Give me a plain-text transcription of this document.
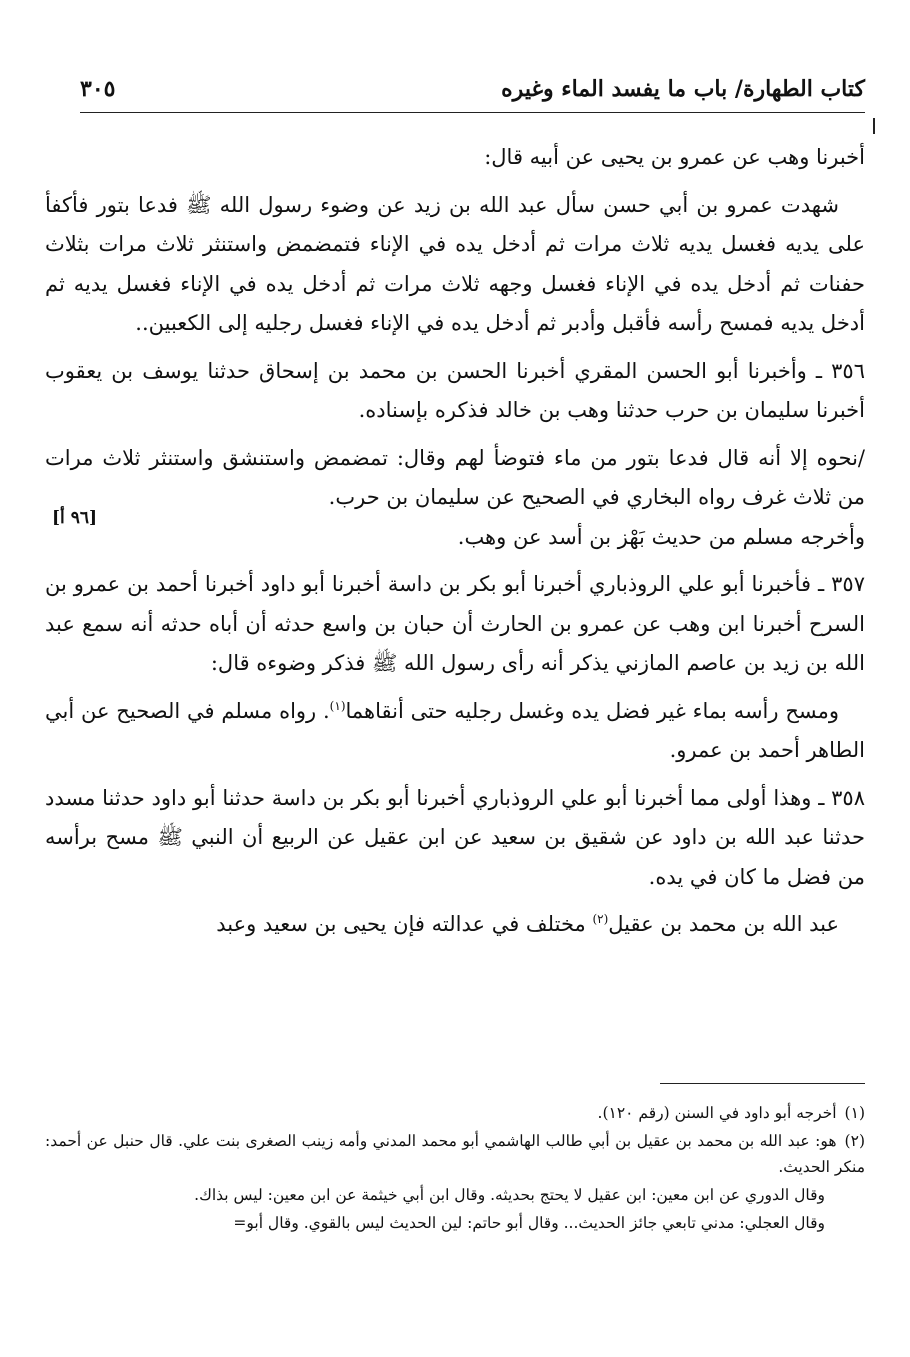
كتاب الطهارة/ باب ما يفسد الماء وغيره
٣٠٥
[٩٦ أ]

أخبرنا وهب عن عمرو بن يحيى عن أبيه قال:

شهدت عمرو بن أبي حسن سأل عبد الله بن زيد عن وضوء رسول الله ﷺ فدعا بتور فأكفأ على يديه فغسل يديه ثلاث مرات ثم أدخل يده في الإناء فتمضمض واستنثر ثلاث مرات بثلاث حفنات ثم أدخل يده في الإناء فغسل وجهه ثلاث مرات ثم أدخل يده في الإناء فغسل يديه ثم أدخل يديه فمسح رأسه فأقبل وأدبر ثم أدخل يده في الإناء فغسل رجليه إلى الكعبين..

٣٥٦ ـ وأخبرنا أبو الحسن المقري أخبرنا الحسن بن محمد بن إسحاق حدثنا يوسف بن يعقوب أخبرنا سليمان بن حرب حدثنا وهب بن خالد فذكره بإسناده.

/نحوه إلا أنه قال فدعا بتور من ماء فتوضأ لهم وقال: تمضمض واستنشق واستنثر ثلاث مرات من ثلاث غرف رواه البخاري في الصحيح عن سليمان بن حرب.

وأخرجه مسلم من حديث بَهْز بن أسد عن وهب.

٣٥٧ ـ فأخبرنا أبو علي الروذباري أخبرنا أبو بكر بن داسة أخبرنا أبو داود أخبرنا أحمد بن عمرو بن السرح أخبرنا ابن وهب عن عمرو بن الحارث أن حبان بن واسع حدثه أن أباه حدثه أنه سمع عبد الله بن زيد بن عاصم المازني يذكر أنه رأى رسول الله ﷺ فذكر وضوءه قال:

ومسح رأسه بماء غير فضل يده وغسل رجليه حتى أنقاهما$^{(١)}$. رواه مسلم في الصحيح عن أبي الطاهر أحمد بن عمرو.

٣٥٨ ـ وهذا أولى مما أخبرنا أبو علي الروذباري أخبرنا أبو بكر بن داسة حدثنا أبو داود حدثنا مسدد حدثنا عبد الله بن داود عن شقيق بن سعيد عن ابن عقيل عن الربيع أن النبي ﷺ مسح برأسه من فضل ما كان في يده.

عبد الله بن محمد بن عقيل$^{(٢)}$ مختلف في عدالته فإن يحيى بن سعيد وعبد

(١)أخرجه أبو داود في السنن (رقم ١٢٠).
(٢)هو: عبد الله بن محمد بن عقيل بن أبي طالب الهاشمي أبو محمد المدني وأمه زينب الصغرى بنت علي. قال حنبل عن أحمد: منكر الحديث.
وقال الدوري عن ابن معين: ابن عقيل لا يحتج بحديثه. وقال ابن أبي خيثمة عن ابن معين: ليس بذاك.
وقال العجلي: مدني تابعي جائز الحديث... وقال أبو حاتم: لين الحديث ليس بالقوي. وقال أبو=
